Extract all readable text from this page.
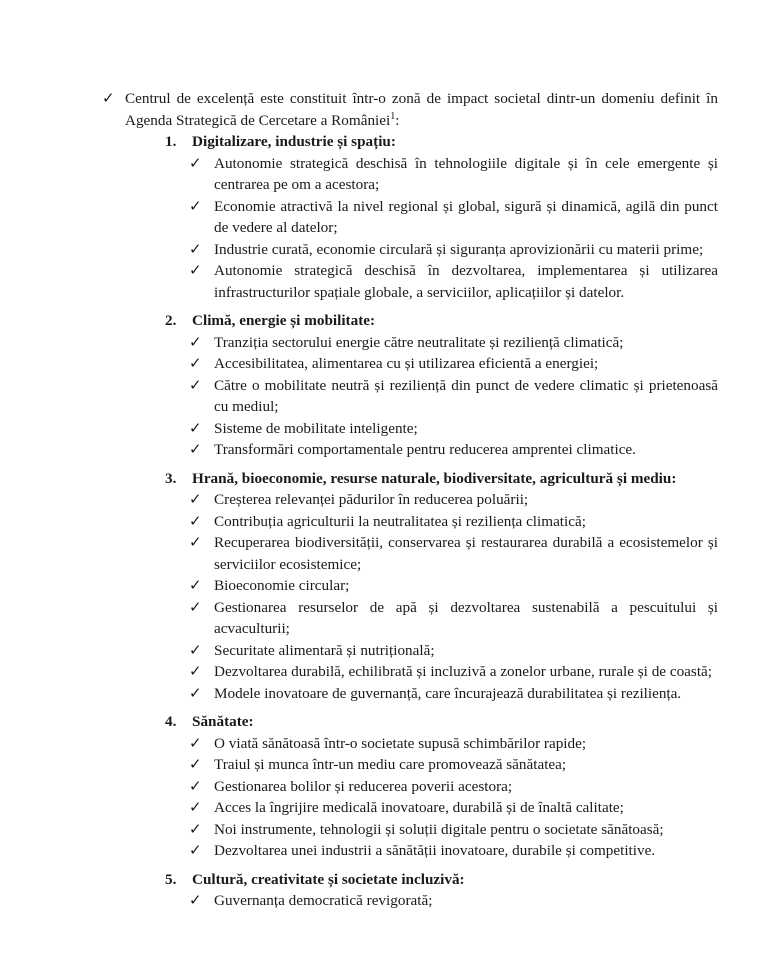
✓ Centrul de excelență este constituit într-o zonă de impact societal dintr-un domeniu definit în Agenda Strategică de Cercetare a României$^1$:
1. Digitalizare, industrie și spațiu:
✓ Autonomie strategică deschisă în tehnologiile digitale și în cele emergente și centrarea pe om a acestora;
✓ Economie atractivă la nivel regional și global, sigură și dinamică, agilă din punct de vedere al datelor;
✓ Industrie curată, economie circulară și siguranța aprovizionării cu materii prime;
✓ Autonomie strategică deschisă în dezvoltarea, implementarea și utilizarea infrastructurilor spațiale globale, a serviciilor, aplicațiilor și datelor.
2. Climă, energie și mobilitate:
✓ Tranziția sectorului energie către neutralitate și reziliență climatică;
✓ Accesibilitatea, alimentarea cu și utilizarea eficientă a energiei;
✓ Către o mobilitate neutră și reziliență din punct de vedere climatic și prietenoasă cu mediul;
✓ Sisteme de mobilitate inteligente;
✓ Transformări comportamentale pentru reducerea amprentei climatice.
3. Hrană, bioeconomie, resurse naturale, biodiversitate, agricultură și mediu:
✓ Creșterea relevanței pădurilor în reducerea poluării;
✓ Contribuția agriculturii la neutralitatea și reziliența climatică;
✓ Recuperarea biodiversității, conservarea și restaurarea durabilă a ecosistemelor și serviciilor ecosistemice;
✓ Bioeconomie circular;
✓ Gestionarea resurselor de apă și dezvoltarea sustenabilă a pescuitului și acvaculturii;
✓ Securitate alimentară și nutrițională;
✓ Dezvoltarea durabilă, echilibrată și incluzivă a zonelor urbane, rurale și de coastă;
✓ Modele inovatoare de guvernanță, care încurajează durabilitatea și reziliența.
4. Sănătate:
✓ O viată sănătoasă într-o societate supusă schimbărilor rapide;
✓ Traiul și munca într-un mediu care promovează sănătatea;
✓ Gestionarea bolilor și reducerea poverii acestora;
✓ Acces la îngrijire medicală inovatoare, durabilă și de înaltă calitate;
✓ Noi instrumente, tehnologii și soluții digitale pentru o societate sănătoasă;
✓ Dezvoltarea unei industrii a sănătății inovatoare, durabile și competitive.
5. Cultură, creativitate și societate incluzivă:
✓ Guvernanța democratică revigorată;
